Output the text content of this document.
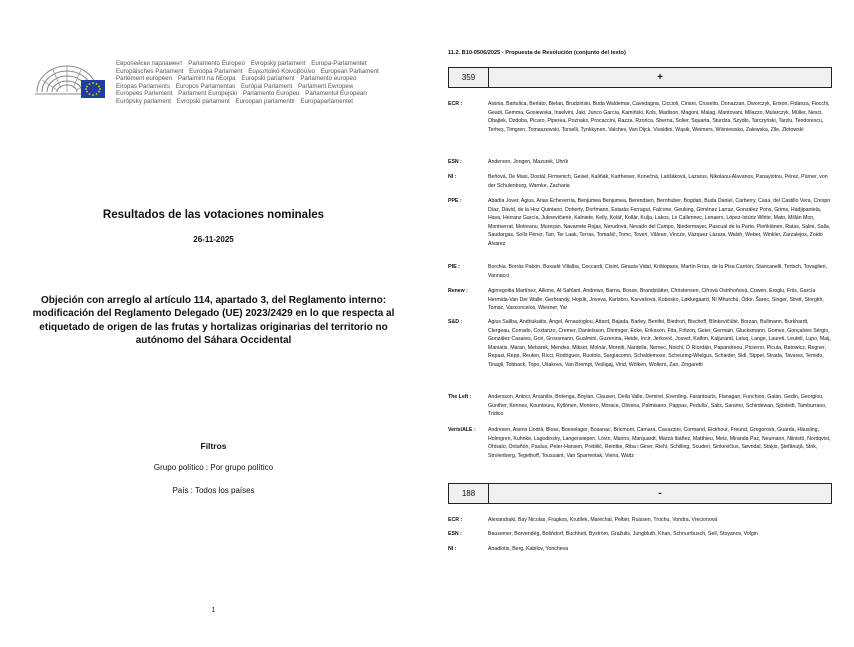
Европейски парламент Parlamento Europeo Evropský parlament Europa-Parlamentet Europäisches Parlament Euroopa Parlament Ευρωπαϊκό Κοινοβούλιο European Parliament Parlement européen Parlaimint na hEorpa Europski parlament Parlamento europeo Eiropas Parlaments Europos Parlamentas Európai Parlament Parlament Ewropew Europees Parlement Parlament Europejski Parlamento Europeu Parlamentul European Európsky parlament Evropski parlament Euroopan parlamentti Europaparlamentet
Resultados de las votaciones nominales
26-11-2025
Objeción con arreglo al artículo 114, apartado 3, del Reglamento interno: modificación del Reglamento Delegado (UE) 2023/2429 en lo que respecta al etiquetado de origen de las frutas y hortalizas originarias del territorio no autónomo del Sáhara Occidental
Filtros
Grupo político : Por grupo político
País : Todos los países
1
11.2. B10-0506/2025 - Propuesta de Resolución (conjunto del texto)
359	+
ECR :	Aixinia, Bartulica, Berlato, Bielan, Brudziński, Buda Waldemar, Cavedagna, Ciccioli, Ciriani, Crosetto, Donazzan, Dworczyk, Erixon, Fidanza, Fiocchi, Geadi, Gemma, Gosiewska, Inselvini, Jaki, Junco García, Kamiński, Kols, Madison, Magoni, Malag, Mantovani, Milazzo, Mularczyk, Müller, Nesci, Obajtek, Ozdoba, Picaro, Piperea, Poznaks, Procaccini, Razza, Rzońca, Sberna, Solier, Squarta, Sturdza, Szydło, Tarczyński, Tarziu, Teodorescu, Terheş, Timgren, Tomaszewski, Torselli, Tynkkynen, Valchev, Van Dijck, Vivaldini, Wąsik, Weimers, Wiśniewska, Zalewska, Zile, Złotowski
ESN :	Anderson, Jongen, Mazurek, Uhrík
NI :	Beňová, De Masi, Dostál, Firmenich, Geisel, Kaliňák, Kartheiser, Konečná, Laššáková, Lazarus, Nikolaou-Alavanos, Panayiotou, Pérez, Pürner, von der Schulenburg, Warnke, Zacharia
PPE :	Abadía Jover, Agius, Arias Echeverría, Benjumea Benjumea, Berendsen, Bernhuber, Bogdan, Buda Daniel, Carberry, Casa, del Castillo Vera, Crespo Díaz, Dávid, de la Hoz Quintano, Doherty, Dorfmann, Estaràs Ferragut, Falcone, Geuking, Giménez Larraz, González Pons, Grims, Hadjipantela, Hava, Herranz García, Juknevičienė, Kalniete, Kelly, Kolář, Kollár, Kulja, Lakos, Le Callennec, Lenaers, López-Istúriz White, Mato, Millán Mon, Montserrat, Motreanu, Mureşan, Navarrete Rojas, Nerudová, Nevado del Campo, Niedermayer, Pascual de la Parte, Pieńkiänen, Ratas, Salini, Salla, Saudargas, Solís Pérez, Tarr, Ter Laak, Terras, Tomašič, Tomc, Toveri, Vălean, Vincze, Vázquez Lázara, Walsh, Weber, Winkler, Zarzalejos, Zoido Álvarez
PfE :	Borchia, Borrás Pabón, Buxadé Villalba, Ceccardi, Cisint, Girauta Vidal, Krištopans, Martín Frías, de la Pisa Carrión, Stancanelli, Tertsch, Tovaglieri, Vannacci
Renew :	Agirregoitia Martínez, Allione, Al-Sahlani, Andrews, Barna, Bosse, Brandstätter, Christensen, Cifrová Ostrihoňová, Cowen, Eroglu, Friis, García Hermida-Van Der Walle, Gerbrandy, Hojsík, Joveva, Karlsbro, Karvašová, Kobosko, Løkkegaard, Ní Mhurchú, Ódor, Šarec, Singer, Streit, Storgkh, Tomac, Vasconcelos, Wiesner, Yar
S&D :	Agius Saliba, Andriukaitis, Angel, Arnautoglou, Attard, Bajada, Barley, Benifei, Biedroń, Bischoff, Blinkevičiūtė, Borzan, Bullmann, Burkhardt, Clergeau, Corrado, Costanzo, Cremer, Danielsson, Dieringer, Ecke, Eriksson, Fita, Fritzon, Geier, Germain, Glucksmann, Gomes, Gonçalves Sérgio, González Casares, Gori, Grossmann, Gualmini, Guzenina, Heide, Incir, Jerković, Jouvet, Kalfon, Kaljurand, Laluq, Lange, Laureti, Leuteli, Lupo, Maij, Maniatis, Maran, Mebarek, Mendes, Mikser, Molnár, Moretti, Nardella, Nemec, Noichl, Ó Ríordáin, Papandreou, Picierno, Picula, Ratowicz, Regner, Repasi, Repp, Reuten, Ricci, Rodrigues, Ruotolo, Sargiacomo, Schaldemose, Scheuring-Wielgus, Schieder, Sidl, Sippel, Strada, Tavares, Temido, Tinagli, Tobback, Topo, Ušakovs, Van Brempt, Veśligaj, Vind, Wölken, Wolters, Zan, Zingaretti
The Left :	Andersson, Antoci, Arvanitis, Botenga, Boylan, Clausen, Della Valle, Demirel, Everding, Farantouris, Flanagan, Funchion, Galán, Gedin, Georgiou, Günther, Kennes, Kountoura, Kyllönen, Montero, Morace, Oliveira, Palmisano, Pappas, Pedulla', Salis, Saramo, Schirdewan, Sjöstedt, Tamburrano, Tridico
Verts/ALE :	Andresen, Asens Llodrà, Bloss, Boeselager, Bosanac, Bricmont, Camara, Cavazzini, Cormand, Eickhout, Freund, Gregorová, Guarda, Häusling, Holmgren, Kuhnke, Lagodinsky, Langensiepen, Lövin, Marino, Marquardt, Marzà Ibáñez, Matthieu, Metz, Miranda Paz, Neumann, Niinistö, Nordqvist, Ohisalo, Ontañón, Paulus, Peter-Hansen, Prebilič, Reintke, Riba i Giner, Riehl, Schilling, Scuderi, Sinkevičius, Søvndal, Staķis, Ştefănuţă, Strik, Strolenberg, Tegethoff, Toussaint, Van Sparrentak, Vieira, Waitz
188	-
ECR :	Alexandraki, Bay Nicolas, Fragkos, Krutílek, Maréchal, Peltier, Ruissen, Trochu, Vondra, Vrecionová
ESN :	Bausemer, Borvendég, Bošňdorf, Buchheit, Byström, Gražulis, Jungbluth, Khan, Schnurrbusch, Sell, Stoyanov, Volgin
NI :	Anadiotis, Berg, Kabilov, Yoncheva
